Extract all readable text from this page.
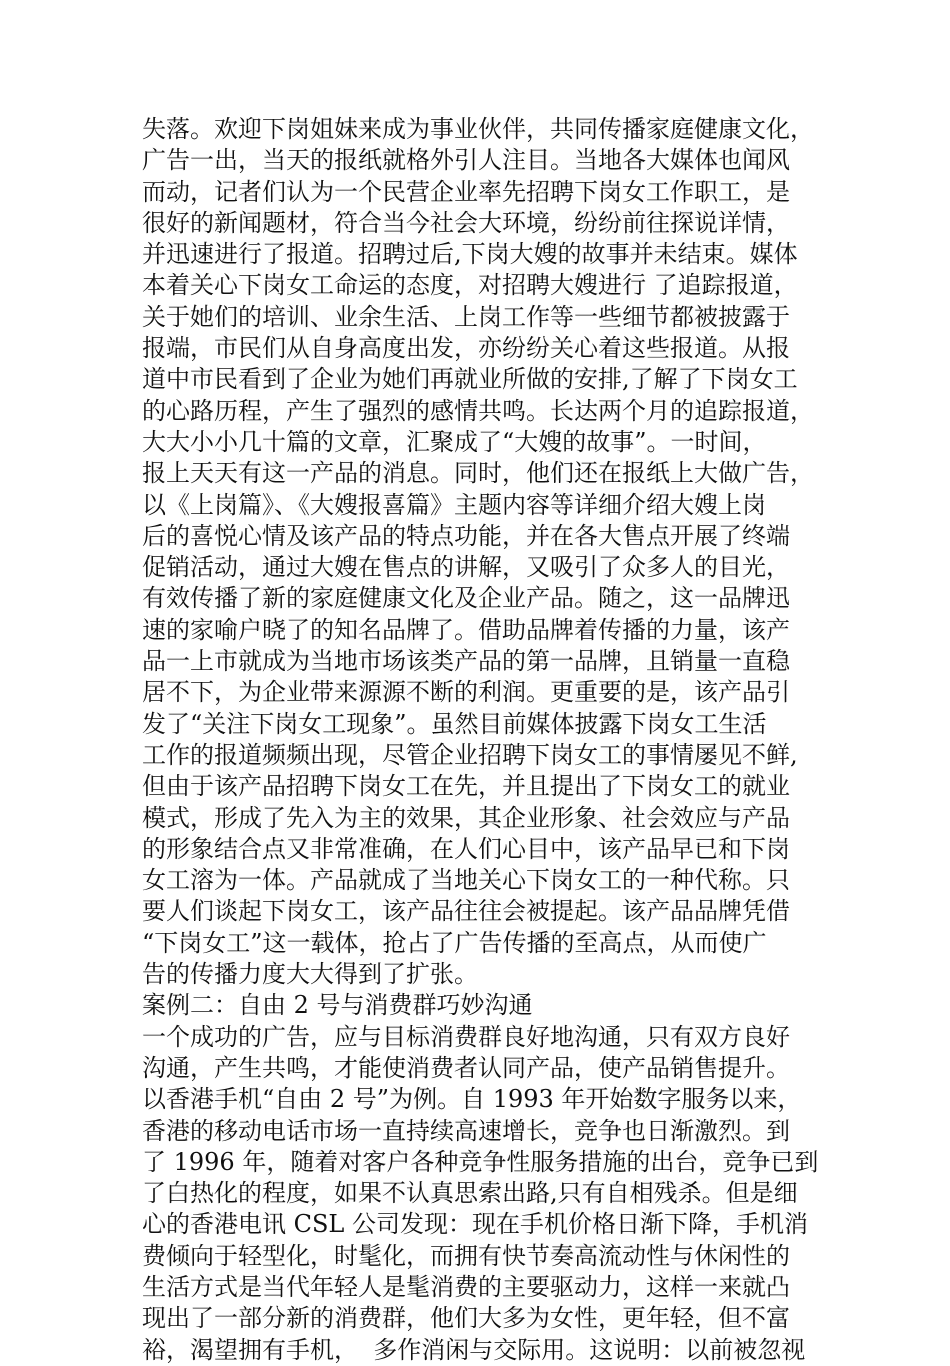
失落。欢迎下岗姐妹来成为事业伙伴，共同传播家庭健康文化，
广告一出，当天的报纸就格外引人注目。当地各大媒体也闻风
而动，记者们认为一个民营企业率先招聘下岗女工作职工，是
很好的新闻题材，符合当今社会大环境，纷纷前往探说详情，
并迅速进行了报道。招聘过后,下岗大嫂的故事并未结束。媒体
本着关心下岗女工命运的态度，对招聘大嫂进行 了追踪报道，
关于她们的培训、业余生活、上岗工作等一些细节都被披露于
报端，市民们从自身高度出发，亦纷纷关心着这些报道。从报
道中市民看到了企业为她们再就业所做的安排,了解了下岗女工
的心路历程，产生了强烈的感情共鸣。长达两个月的追踪报道，
大大小小几十篇的文章，汇聚成了“大嫂的故事”。一时间，
报上天天有这一产品的消息。同时，他们还在报纸上大做广告，
以《上岗篇》、《大嫂报喜篇》主题内容等详细介绍大嫂上岗
后的喜悦心情及该产品的特点功能，并在各大售点开展了终端
促销活动，通过大嫂在售点的讲解，又吸引了众多人的目光，
有效传播了新的家庭健康文化及企业产品。随之，这一品牌迅
速的家喻户晓了的知名品牌了。借助品牌着传播的力量，该产
品一上市就成为当地市场该类产品的第一品牌，且销量一直稳
居不下，为企业带来源源不断的利润。更重要的是，该产品引
发了“关注下岗女工现象”。虽然目前媒体披露下岗女工生活
工作的报道频频出现，尽管企业招聘下岗女工的事情屡见不鲜,
但由于该产品招聘下岗女工在先，并且提出了下岗女工的就业
模式，形成了先入为主的效果，其企业形象、社会效应与产品
的形象结合点又非常准确，在人们心目中，该产品早已和下岗
女工溶为一体。产品就成了当地关心下岗女工的一种代称。只
要人们谈起下岗女工，该产品往往会被提起。该产品品牌凭借
“下岗女工”这一载体，抢占了广告传播的至高点，从而使广
告的传播力度大大得到了扩张。
案例二：自由 2 号与消费群巧妙沟通
一个成功的广告，应与目标消费群良好地沟通，只有双方良好
沟通，产生共鸣，才能使消费者认同产品，使产品销售提升。
以香港手机“自由 2 号”为例。自 1993 年开始数字服务以来，
香港的移动电话市场一直持续高速增长，竞争也日渐激烈。到
了 1996 年，随着对客户各种竞争性服务措施的出台，竞争已到
了白热化的程度，如果不认真思索出路,只有自相残杀。但是细
心的香港电讯 CSL 公司发现：现在手机价格日渐下降，手机消
费倾向于轻型化，时髦化，而拥有快节奏高流动性与休闲性的
生活方式是当代年轻人是髦消费的主要驱动力，这样一来就凸
现出了一部分新的消费群，他们大多为女性，更年轻，但不富
裕，渴望拥有手机，  多作消闲与交际用。这说明：以前被忽视
